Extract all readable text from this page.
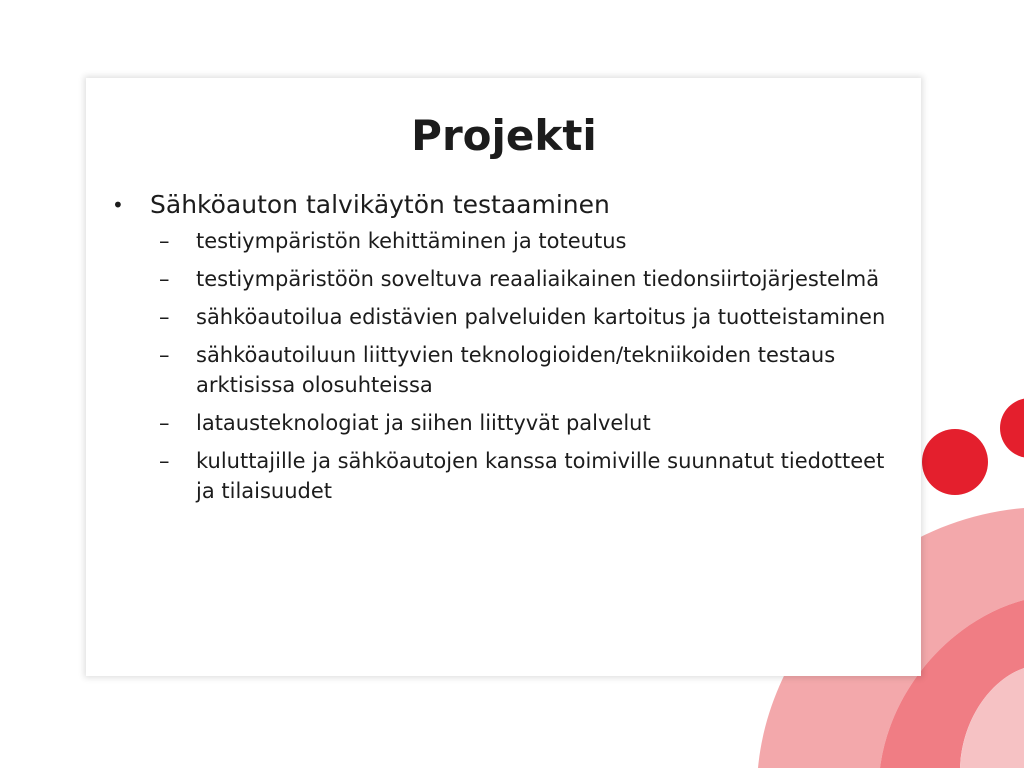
Projekti
• Sähköauton talvikäytön testaaminen
– testiympäristön kehittäminen ja toteutus
– testiympäristöön soveltuva reaaliaikainen tiedonsiirtojärjestelmä
– sähköautoilua edistävien palveluiden kartoitus ja tuotteistaminen
– sähköautoiluun liittyvien teknologioiden/tekniikoiden testaus arktisissa olosuhteissa
– latausteknologiat ja siihen liittyvät palvelut
– kuluttajille ja sähköautojen kanssa toimiville suunnatut tiedotteet ja tilaisuudet
